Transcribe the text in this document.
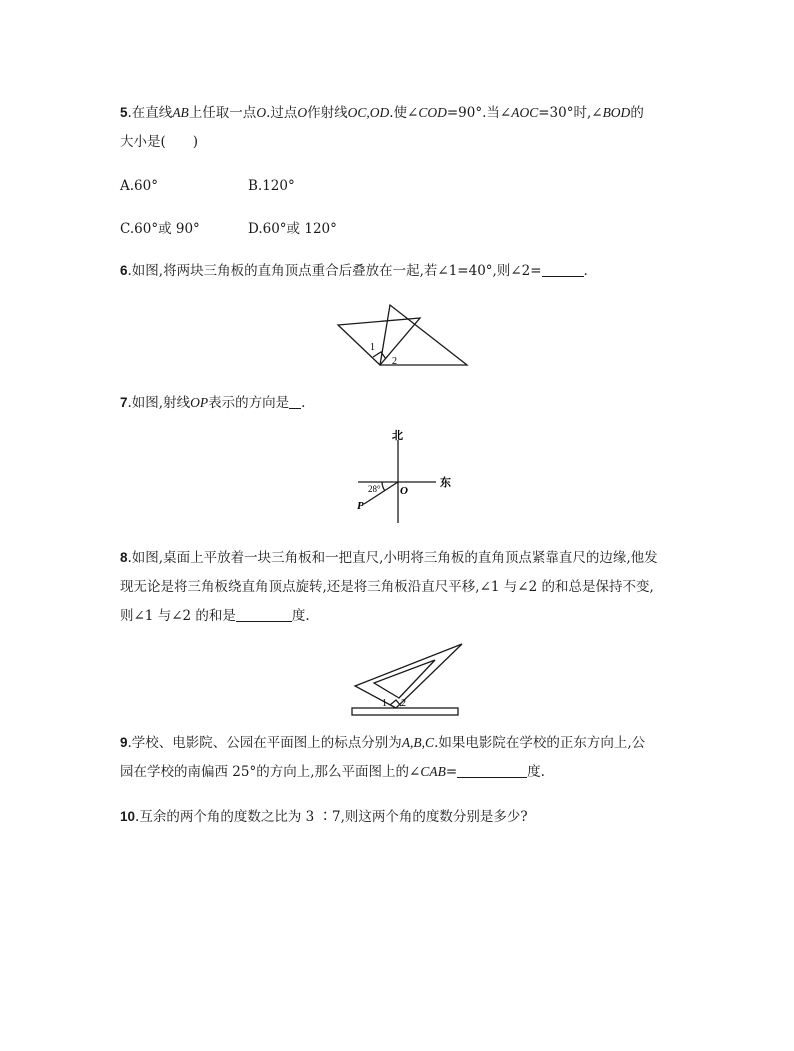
5.在直线AB上任取一点O.过点O作射线OC,OD.使∠COD=90°.当∠AOC=30°时,∠BOD的
大小是(　　)
A.60°	B.120°
C.60°或 90°	D.60°或 120°
6.如图,将两块三角板的直角顶点重合后叠放在一起,若∠1=40°,则∠2=	.
1
2
7.如图,射线OP表示的方向是 .
北
东
O
P
28°
8.如图,桌面上平放着一块三角板和一把直尺,小明将三角板的直角顶点紧靠直尺的边缘,他发
现无论是将三角板绕直角顶点旋转,还是将三角板沿直尺平移,∠1 与∠2 的和总是保持不变,
则∠1 与∠2 的和是	度.
1 2
9.学校、电影院、公园在平面图上的标点分别为A,B,C.如果电影院在学校的正东方向上,公
园在学校的南偏西 25°的方向上,那么平面图上的∠CAB=	度.
10.互余的两个角的度数之比为 3 ∶7,则这两个角的度数分别是多少?
